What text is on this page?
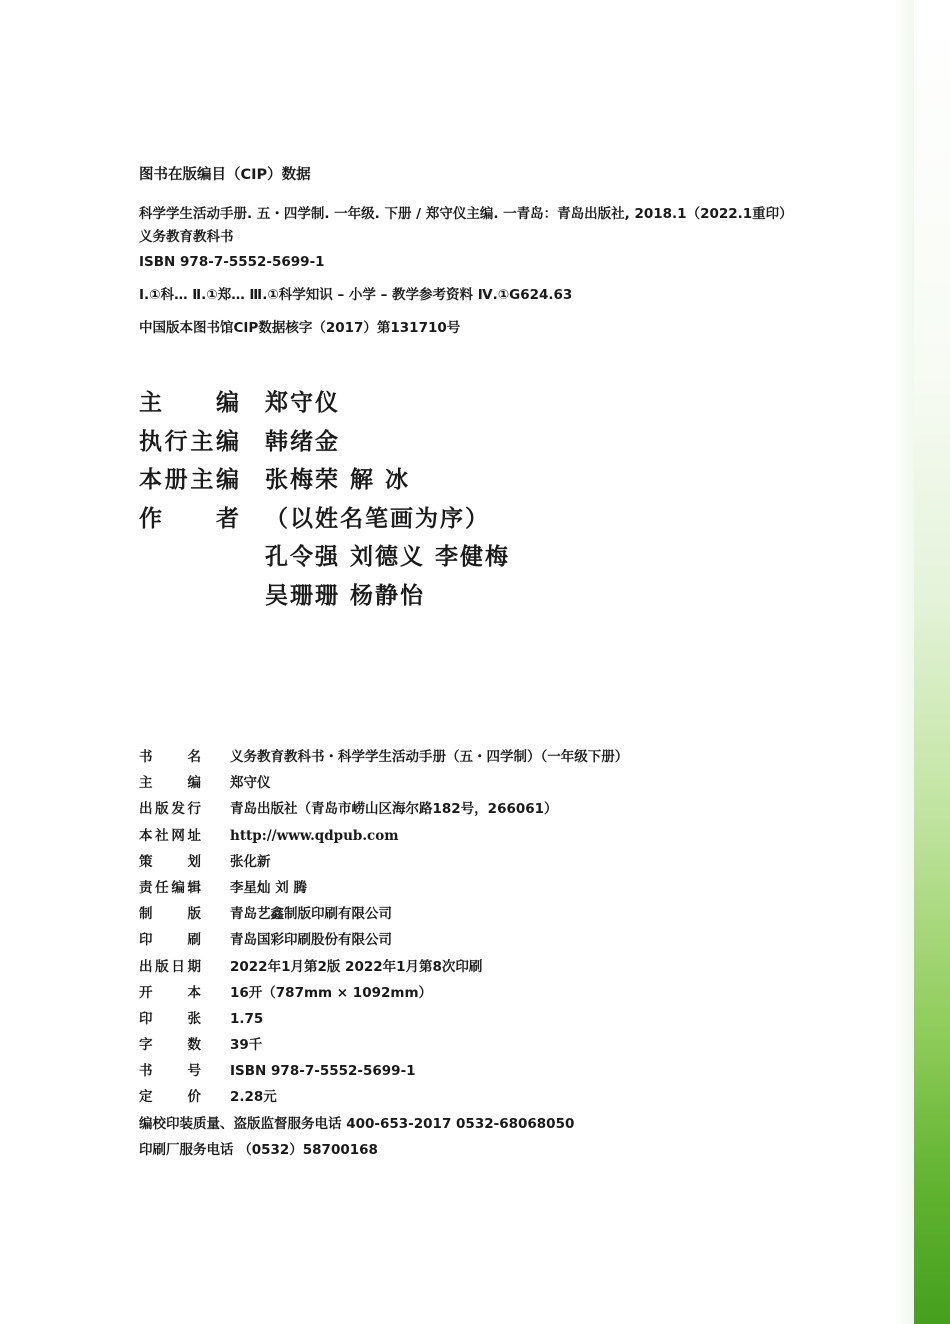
图书在版编目（CIP）数据
科学学生活动手册. 五・四学制. 一年级. 下册 / 郑守仪主编. 一青岛：青岛出版社, 2018.1（2022.1重印）
义务教育教科书
ISBN 978-7-5552-5699-1
Ⅰ.①科… Ⅱ.①郑… Ⅲ.①科学知识 – 小学 – 教学参考资料 Ⅳ.①G624.63
中国版本图书馆CIP数据核字（2017）第131710号
主编 郑守仪
执行主编 韩绪金
本册主编 张梅荣 解 冰
作者 （以姓名笔画为序）
孔令强 刘德义 李健梅
吴珊珊 杨静怡
书名 义务教育教科书・科学学生活动手册（五・四学制）（一年级下册）
主编 郑守仪
出版发行 青岛出版社（青岛市崂山区海尔路182号，266061）
本社网址 http://www.qdpub.com
策划 张化新
责任编辑 李星灿 刘 腾
制版 青岛艺鑫制版印刷有限公司
印刷 青岛国彩印刷股份有限公司
出版日期 2022年1月第2版 2022年1月第8次印刷
开本 16开（787mm × 1092mm）
印张 1.75
字数 39千
书号 ISBN 978-7-5552-5699-1
定价 2.28元
编校印装质量、盗版监督服务电话 400-653-2017 0532-68068050
印刷厂服务电话 （0532）58700168
